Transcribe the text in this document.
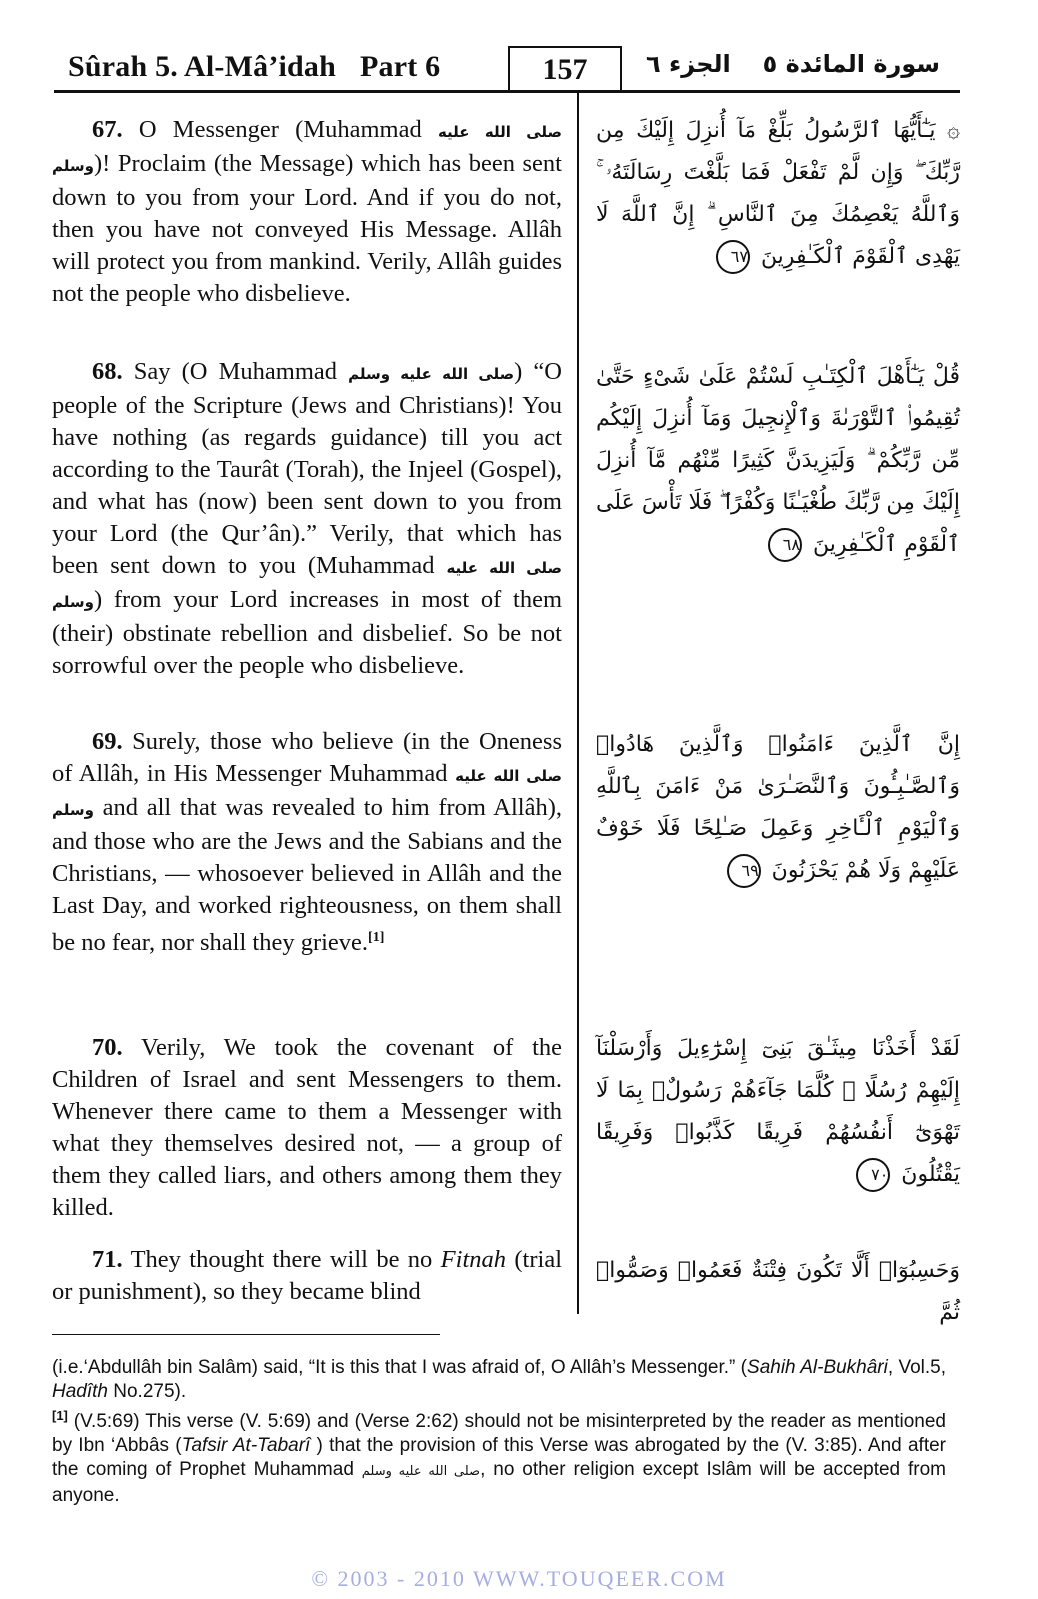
Sûrah 5. Al-Mâ’idah Part 6	157	الجزء ٦ سورة المائدة ٥
67. O Messenger (Muhammad صلى الله عليه وسلم)! Proclaim (the Message) which has been sent down to you from your Lord. And if you do not, then you have not conveyed His Message. Allâh will protect you from mankind. Verily, Allâh guides not the people who disbelieve.
۞ يَـٰٓأَيُّهَا ٱلرَّسُولُ بَلِّغْ مَآ أُنزِلَ إِلَيْكَ مِن رَّبِّكَ ۖ وَإِن لَّمْ تَفْعَلْ فَمَا بَلَّغْتَ رِسَالَتَهُۥ ۚ وَٱللَّهُ يَعْصِمُكَ مِنَ ٱلنَّاسِ ۗ إِنَّ ٱللَّهَ لَا يَهْدِى ٱلْقَوْمَ ٱلْكَـٰفِرِينَ ٦٧
68. Say (O Muhammad صلى الله عليه وسلم) “O people of the Scripture (Jews and Christians)! You have nothing (as regards guidance) till you act according to the Taurât (Torah), the Injeel (Gospel), and what has (now) been sent down to you from your Lord (the Qur’ân).” Verily, that which has been sent down to you (Muhammad صلى الله عليه وسلم) from your Lord increases in most of them (their) obstinate rebellion and disbelief. So be not sorrowful over the people who disbelieve.
قُلْ يَـٰٓأَهْلَ ٱلْكِتَـٰبِ لَسْتُمْ عَلَىٰ شَىْءٍ حَتَّىٰ تُقِيمُوا۟ ٱلتَّوْرَىٰةَ وَٱلْإِنجِيلَ وَمَآ أُنزِلَ إِلَيْكُم مِّن رَّبِّكُمْ ۗ وَلَيَزِيدَنَّ كَثِيرًا مِّنْهُم مَّآ أُنزِلَ إِلَيْكَ مِن رَّبِّكَ طُغْيَـٰنًا وَكُفْرًا ۖ فَلَا تَأْسَ عَلَى ٱلْقَوْمِ ٱلْكَـٰفِرِينَ ٦٨
69. Surely, those who believe (in the Oneness of Allâh, in His Messenger Muhammad صلى الله عليه وسلم and all that was revealed to him from Allâh), and those who are the Jews and the Sabians and the Christians, — whosoever believed in Allâh and the Last Day, and worked righteousness, on them shall be no fear, nor shall they grieve.[1]
إِنَّ ٱلَّذِينَ ءَامَنُوا۟ وَٱلَّذِينَ هَادُوا۟ وَٱلصَّـٰبِـُٔونَ وَٱلنَّصَـٰرَىٰ مَنْ ءَامَنَ بِٱللَّهِ وَٱلْيَوْمِ ٱلْـَٔاخِرِ وَعَمِلَ صَـٰلِحًا فَلَا خَوْفٌ عَلَيْهِمْ وَلَا هُمْ يَحْزَنُونَ ٦٩
70. Verily, We took the covenant of the Children of Israel and sent Messengers to them. Whenever there came to them a Messenger with what they themselves desired not, — a group of them they called liars, and others among them they killed.
لَقَدْ أَخَذْنَا مِيثَـٰقَ بَنِىٓ إِسْرَٰٓءِيلَ وَأَرْسَلْنَآ إِلَيْهِمْ رُسُلًا ۖ كُلَّمَا جَآءَهُمْ رَسُولٌۢ بِمَا لَا تَهْوَىٰٓ أَنفُسُهُمْ فَرِيقًا كَذَّبُوا۟ وَفَرِيقًا يَقْتُلُونَ ٧٠
71. They thought there will be no Fitnah (trial or punishment), so they became blind
وَحَسِبُوٓا۟ أَلَّا تَكُونَ فِتْنَةٌ فَعَمُوا۟ وَصَمُّوا۟ ثُمَّ

(i.e.‘Abdullâh bin Salâm) said, “It is this that I was afraid of, O Allâh’s Messenger.” (Sahih Al-Bukhâri, Vol.5, Hadîth No.275).

[1] (V.5:69) This verse (V. 5:69) and (Verse 2:62) should not be misinterpreted by the reader as mentioned by Ibn ‘Abbâs (Tafsir At-Tabarî ) that the provision of this Verse was abrogated by the (V. 3:85). And after the coming of Prophet Muhammad صلى الله عليه وسلم, no other religion except Islâm will be accepted from anyone.

© 2003 - 2010 WWW.TOUQEER.COM
